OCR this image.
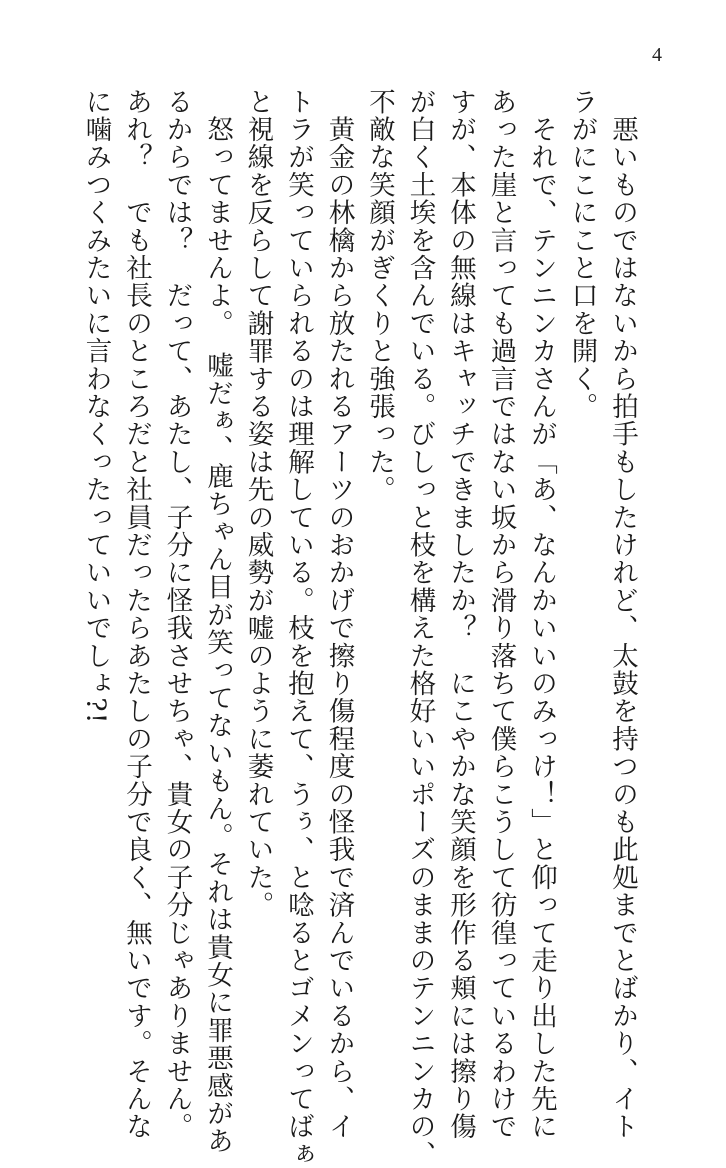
4
　悪いものではないから拍手もしたけれど、太鼓を持つのも此処までとばかり、イト
ラがにこにこと口を開く。
　それで、テンニンカさんが「あ、なんかいいのみっけ！」と仰って走り出した先に
あった崖と言っても過言ではない坂から滑り落ちて僕らこうして彷徨っているわけで
すが、本体の無線はキャッチできましたか？　にこやかな笑顔を形作る頬には擦り傷
が白く土埃を含んでいる。びしっと枝を構えた格好いいポーズのままのテンニンカの、
不敵な笑顔がぎくりと強張った。
　黄金の林檎から放たれるアーツのおかげで擦り傷程度の怪我で済んでいるから、イ
トラが笑っていられるのは理解している。枝を抱えて、うぅ、と唸るとゴメンってばぁ
と視線を反らして謝罪する姿は先の威勢が嘘のように萎れていた。
　怒ってませんよ。　嘘だぁ、鹿ちゃん目が笑ってないもん。それは貴女に罪悪感があ
るからでは？　だって、あたし、子分に怪我させちゃ、貴女の子分じゃありません。
あれ？　でも社長のところだと社員だったらあたしの子分で良く、無いです。そんな
に噛みつくみたいに言わなくったっていいでしょ?!
